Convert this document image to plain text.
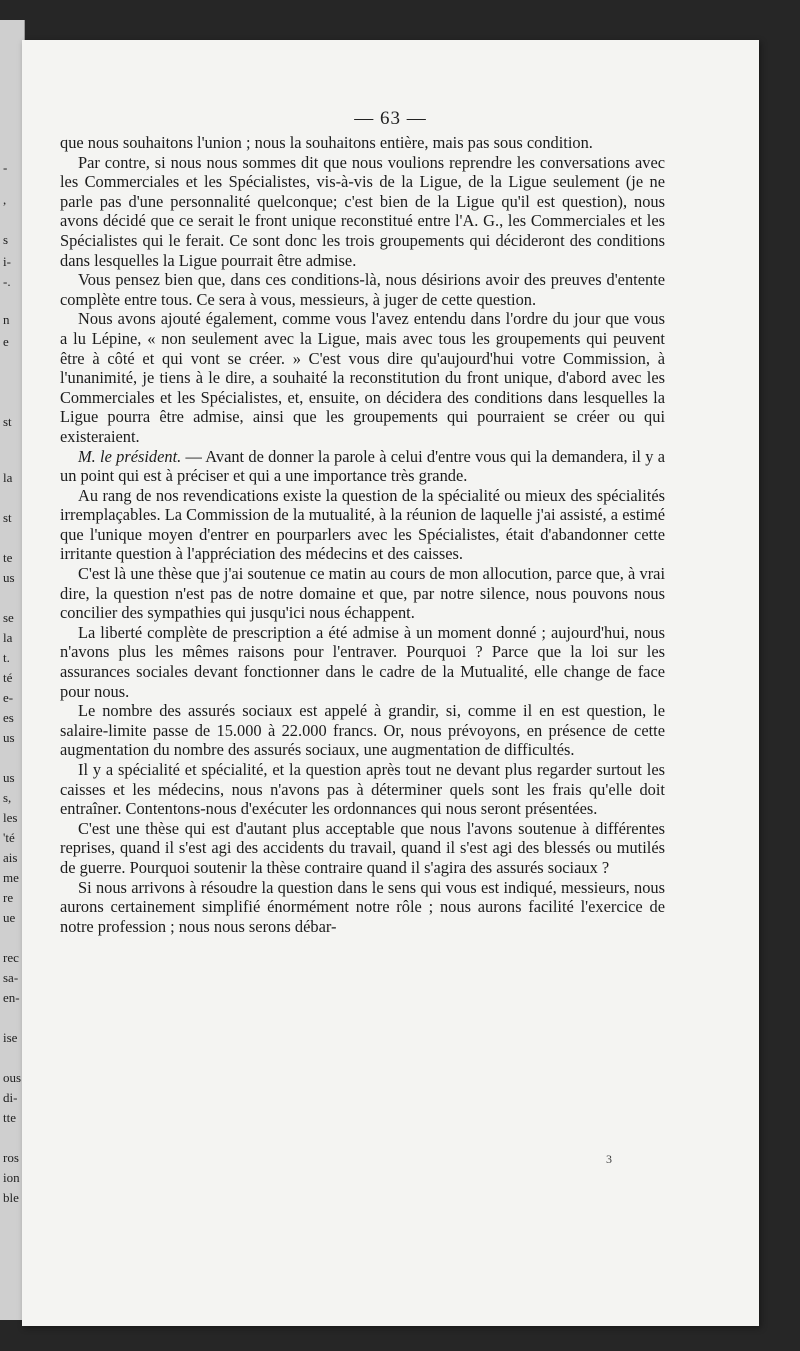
-
,
s
i-
-.
n
e
st
la
st
te
us
se
la
t.
té
e-
es
us
us
s,
les
'té
ais
me
re
ue
rec
sa-
en-
ise
ous
di-
tte
ros
ion
ble
— 63 —

que nous souhaitons l'union ; nous la souhaitons entière, mais pas sous condition.

Par contre, si nous nous sommes dit que nous voulions reprendre les conversations avec les Commerciales et les Spécialistes, vis-à-vis de la Ligue, de la Ligue seulement (je ne parle pas d'une personnalité quelconque; c'est bien de la Ligue qu'il est question), nous avons décidé que ce serait le front unique reconstitué entre l'A. G., les Commerciales et les Spécialistes qui le ferait. Ce sont donc les trois groupements qui décideront des conditions dans lesquelles la Ligue pourrait être admise.

Vous pensez bien que, dans ces conditions-là, nous désirions avoir des preuves d'entente complète entre tous. Ce sera à vous, messieurs, à juger de cette question.

Nous avons ajouté également, comme vous l'avez entendu dans l'ordre du jour que vous a lu Lépine, « non seulement avec la Ligue, mais avec tous les groupements qui peuvent être à côté et qui vont se créer. » C'est vous dire qu'aujourd'hui votre Commission, à l'unanimité, je tiens à le dire, a souhaité la reconstitution du front unique, d'abord avec les Commerciales et les Spécialistes, et, ensuite, on décidera des conditions dans lesquelles la Ligue pourra être admise, ainsi que les groupements qui pourraient se créer ou qui existeraient.

M. le président. — Avant de donner la parole à celui d'entre vous qui la demandera, il y a un point qui est à préciser et qui a une importance très grande.

Au rang de nos revendications existe la question de la spécialité ou mieux des spécialités irremplaçables. La Commission de la mutualité, à la réunion de laquelle j'ai assisté, a estimé que l'unique moyen d'entrer en pourparlers avec les Spécialistes, était d'abandonner cette irritante question à l'appréciation des médecins et des caisses.

C'est là une thèse que j'ai soutenue ce matin au cours de mon allocution, parce que, à vrai dire, la question n'est pas de notre domaine et que, par notre silence, nous pouvons nous concilier des sympathies qui jusqu'ici nous échappent.

La liberté complète de prescription a été admise à un moment donné ; aujourd'hui, nous n'avons plus les mêmes raisons pour l'entraver. Pourquoi ? Parce que la loi sur les assurances sociales devant fonctionner dans le cadre de la Mutualité, elle change de face pour nous.

Le nombre des assurés sociaux est appelé à grandir, si, comme il en est question, le salaire-limite passe de 15.000 à 22.000 francs. Or, nous prévoyons, en présence de cette augmentation du nombre des assurés sociaux, une augmentation de difficultés.

Il y a spécialité et spécialité, et la question après tout ne devant plus regarder surtout les caisses et les médecins, nous n'avons pas à déterminer quels sont les frais qu'elle doit entraîner. Contentons-nous d'exécuter les ordonnances qui nous seront présentées.

C'est une thèse qui est d'autant plus acceptable que nous l'avons soutenue à différentes reprises, quand il s'est agi des accidents du travail, quand il s'est agi des blessés ou mutilés de guerre. Pourquoi soutenir la thèse contraire quand il s'agira des assurés sociaux ?

Si nous arrivons à résoudre la question dans le sens qui vous est indiqué, messieurs, nous aurons certainement simplifié énormément notre rôle ; nous aurons facilité l'exercice de notre profession ; nous nous serons débar-

3
